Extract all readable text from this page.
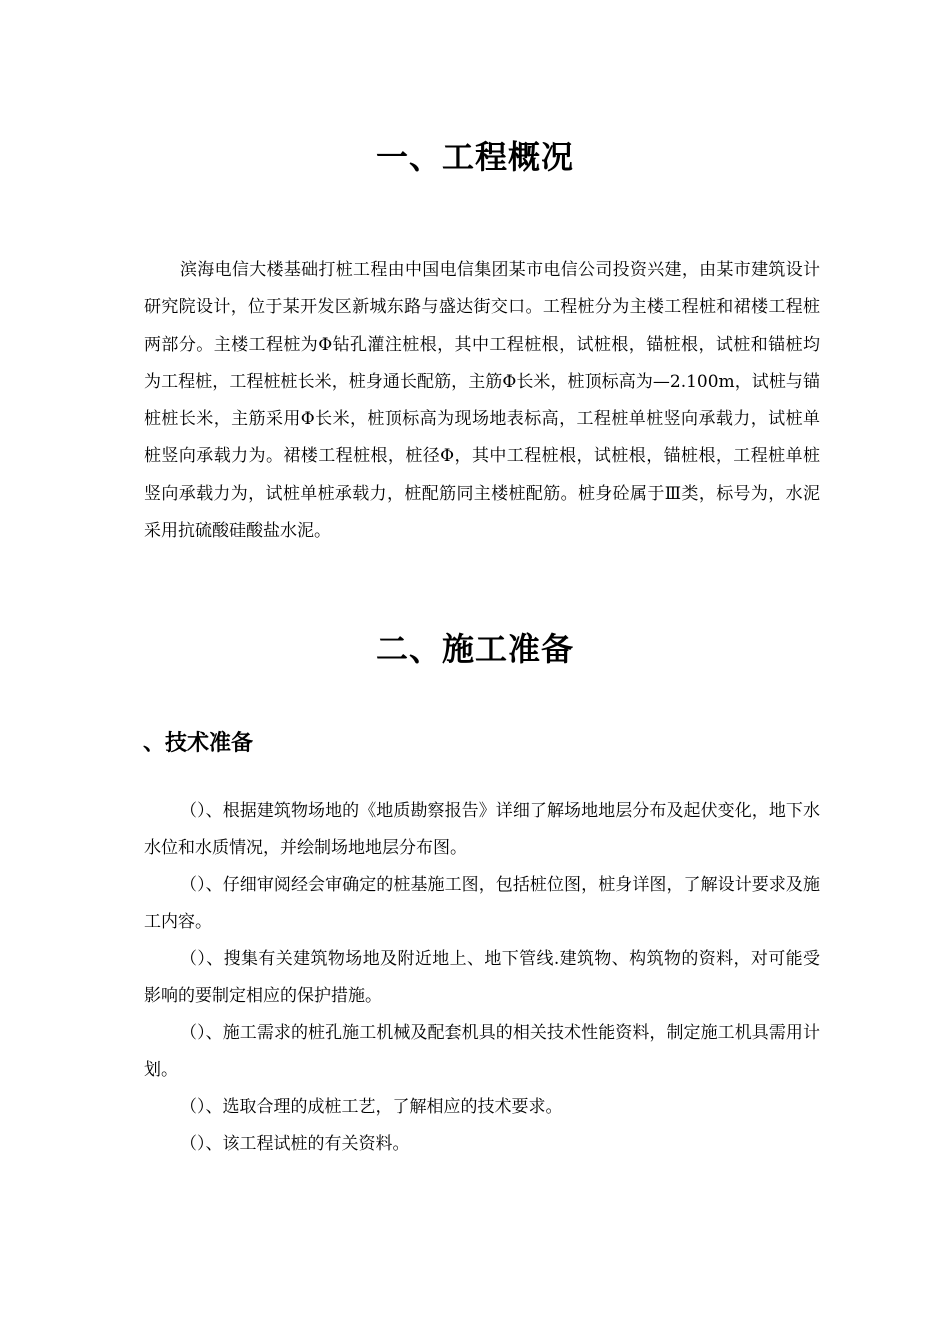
一、工程概况

滨海电信大楼基础打桩工程由中国电信集团某市电信公司投资兴建，由某市建筑设计研究院设计，位于某开发区新城东路与盛达街交口。工程桩分为主楼工程桩和裙楼工程桩两部分。主楼工程桩为Φ钻孔灌注桩根，其中工程桩根，试桩根，锚桩根，试桩和锚桩均为工程桩，工程桩桩长米，桩身通长配筋，主筋Φ长米，桩顶标高为—2.100m，试桩与锚桩桩长米，主筋采用Φ长米，桩顶标高为现场地表标高，工程桩单桩竖向承载力，试桩单桩竖向承载力为。裙楼工程桩根，桩径Φ，其中工程桩根，试桩根，锚桩根，工程桩单桩竖向承载力为，试桩单桩承载力，桩配筋同主楼桩配筋。桩身砼属于Ⅲ类，标号为，水泥采用抗硫酸硅酸盐水泥。

二、施工准备
、技术准备

（）、根据建筑物场地的《地质勘察报告》详细了解场地地层分布及起伏变化，地下水水位和水质情况，并绘制场地地层分布图。

（）、仔细审阅经会审确定的桩基施工图，包括桩位图，桩身详图，了解设计要求及施工内容。

（）、搜集有关建筑物场地及附近地上、地下管线.建筑物、构筑物的资料，对可能受影响的要制定相应的保护措施。

（）、施工需求的桩孔施工机械及配套机具的相关技术性能资料，制定施工机具需用计划。

（）、选取合理的成桩工艺，了解相应的技术要求。

（）、该工程试桩的有关资料。
